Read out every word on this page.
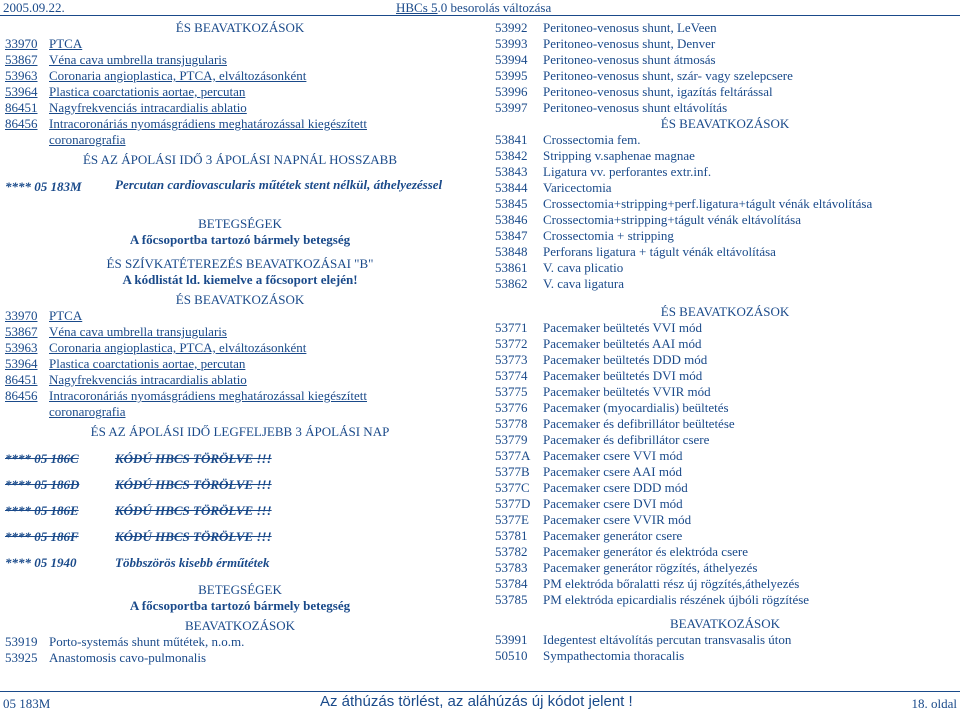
2005.09.22.	HBCs 5.0 besorolás változása
ÉS BEAVATKOZÁSOK
33970 PTCA
53867 Véna cava umbrella transjugularis
53963 Coronaria angioplastica, PTCA, elváltozásonként
53964 Plastica coarctationis aortae, percutan
86451 Nagyfrekvenciás intracardialis ablatio
86456 Intracoronáriás nyomásgrádiens meghatározással kiegészített
coronarografia
ÉS AZ ÁPOLÁSI IDŐ 3 ÁPOLÁSI NAPNÁL HOSSZABB
**** 05 183M	Percutan cardiovascularis műtétek stent nélkül, áthelyezéssel
BETEGSÉGEK
A főcsoportba tartozó bármely betegség
ÉS SZÍVKATÉTEREZÉS BEAVATKOZÁSAI "B"
A kódlistát ld. kiemelve a főcsoport elején!
ÉS BEAVATKOZÁSOK
33970 PTCA
53867 Véna cava umbrella transjugularis
53963 Coronaria angioplastica, PTCA, elváltozásonként
53964 Plastica coarctationis aortae, percutan
86451 Nagyfrekvenciás intracardialis ablatio
86456 Intracoronáriás nyomásgrádiens meghatározással kiegészített
coronarografia
ÉS AZ ÁPOLÁSI IDŐ LEGFELJEBB 3 ÁPOLÁSI NAP
**** 05 186C	KÓDÚ HBCS TÖRÖLVE !!!
**** 05 186D	KÓDÚ HBCS TÖRÖLVE !!!
**** 05 186E	KÓDÚ HBCS TÖRÖLVE !!!
**** 05 186F	KÓDÚ HBCS TÖRÖLVE !!!
**** 05 1940	Többszörös kisebb érműtétek
BETEGSÉGEK
A főcsoportba tartozó bármely betegség
BEAVATKOZÁSOK
53919 Porto-systemás shunt műtétek, n.o.m.
53925 Anastomosis cavo-pulmonalis
53992	Peritoneo-venosus shunt, LeVeen
53993	Peritoneo-venosus shunt, Denver
53994	Peritoneo-venosus shunt átmosás
53995	Peritoneo-venosus shunt, szár- vagy szelepcsere
53996	Peritoneo-venosus shunt, igazítás feltárással
53997	Peritoneo-venosus shunt eltávolítás
ÉS BEAVATKOZÁSOK
53841	Crossectomia fem.
53842	Stripping v.saphenae magnae
53843	Ligatura vv. perforantes extr.inf.
53844	Varicectomia
53845	Crossectomia+stripping+perf.ligatura+tágult vénák eltávolítása
53846	Crossectomia+stripping+tágult vénák eltávolítása
53847	Crossectomia + stripping
53848	Perforans ligatura + tágult vénák eltávolítása
53861	V. cava plicatio
53862	V. cava ligatura
ÉS BEAVATKOZÁSOK
53771	Pacemaker beültetés VVI mód
53772	Pacemaker beültetés AAI mód
53773	Pacemaker beültetés DDD mód
53774	Pacemaker beültetés DVI mód
53775	Pacemaker beültetés VVIR mód
53776	Pacemaker (myocardialis) beültetés
53778	Pacemaker és defibrillátor beültetése
53779	Pacemaker és defibrillátor csere
5377A Pacemaker csere VVI mód
5377B	Pacemaker csere AAI mód
5377C	Pacemaker csere DDD mód
5377D Pacemaker csere DVI mód
5377E	Pacemaker csere VVIR mód
53781	Pacemaker generátor csere
53782	Pacemaker generátor és elektróda csere
53783	Pacemaker generátor rögzítés, áthelyezés
53784	PM elektróda bőralatti rész új rögzítés,áthelyezés
53785	PM elektróda epicardialis részének újbóli rögzítése
BEAVATKOZÁSOK
53991	Idegentest eltávolítás percutan transvasalis úton
50510	Sympathectomia thoracalis
05 183M	Az áthúzás törlést, az aláhúzás új kódot jelent !	18. oldal
